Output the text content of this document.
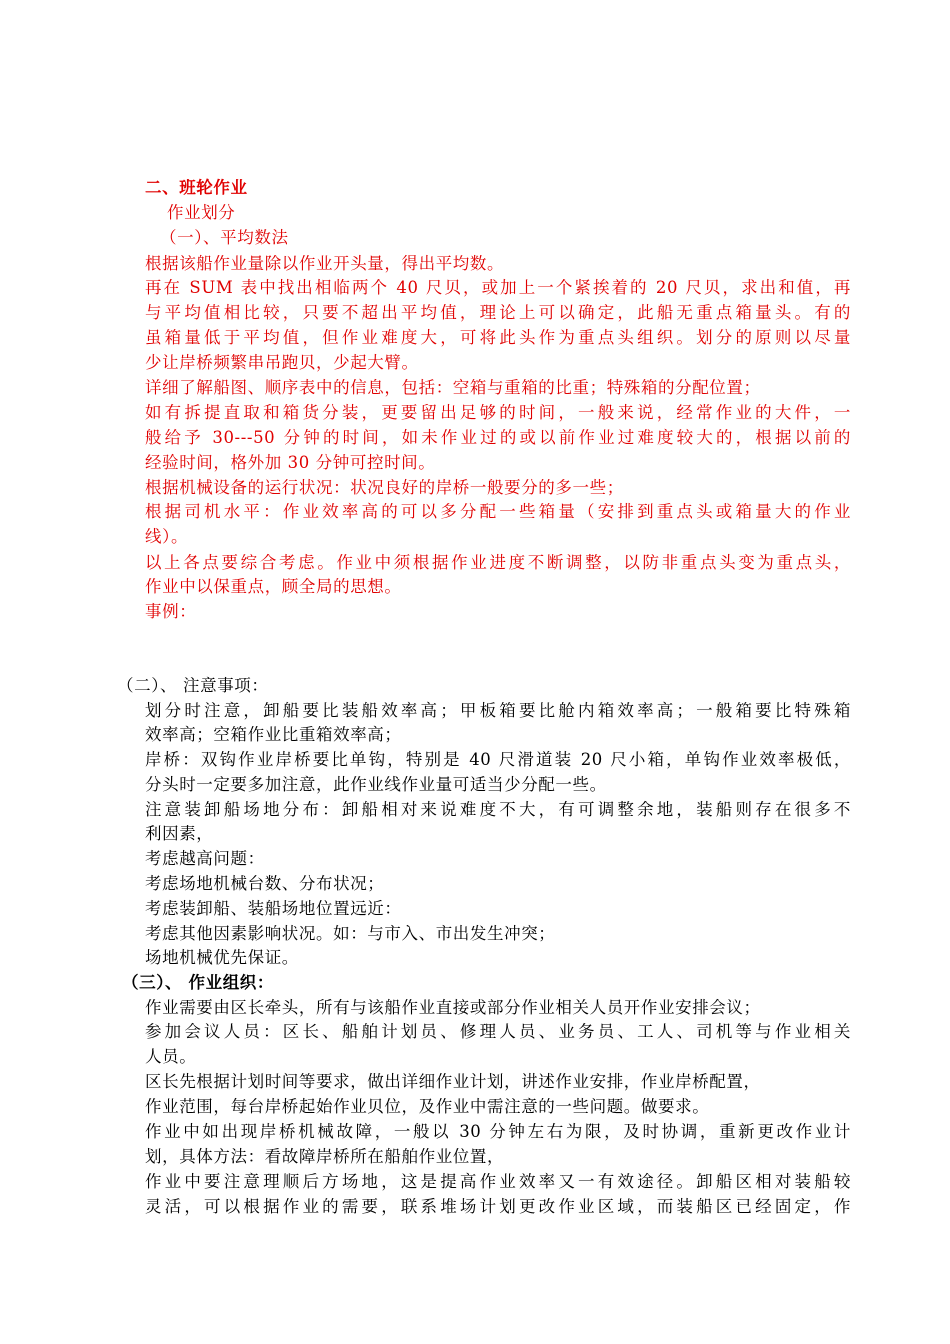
二、班轮作业
作业划分
（一）、平均数法
根据该船作业量除以作业开头量，得出平均数。
再在 SUM 表中找出相临两个 40 尺贝，或加上一个紧挨着的 20 尺贝，求出和值，再
与平均值相比较，只要不超出平均值，理论上可以确定，此船无重点箱量头。有的
虽箱量低于平均值，但作业难度大，可将此头作为重点头组织。划分的原则以尽量
少让岸桥频繁串吊跑贝，少起大臂。
详细了解船图、顺序表中的信息，包括：空箱与重箱的比重；特殊箱的分配位置；
如有拆提直取和箱货分装，更要留出足够的时间，一般来说，经常作业的大件，一
般给予 30---50 分钟的时间，如未作业过的或以前作业过难度较大的，根据以前的
经验时间，格外加 30 分钟可控时间。
根据机械设备的运行状况：状况良好的岸桥一般要分的多一些；
根据司机水平：作业效率高的可以多分配一些箱量（安排到重点头或箱量大的作业
线）。
以上各点要综合考虑。作业中须根据作业进度不断调整，以防非重点头变为重点头，
作业中以保重点，顾全局的思想。
事例：
（二）、 注意事项：
划分时注意，卸船要比装船效率高；甲板箱要比舱内箱效率高；一般箱要比特殊箱
效率高；空箱作业比重箱效率高；
岸桥：双钩作业岸桥要比单钩，特别是 40 尺滑道装 20 尺小箱，单钩作业效率极低，
分头时一定要多加注意，此作业线作业量可适当少分配一些。
注意装卸船场地分布：卸船相对来说难度不大，有可调整余地，装船则存在很多不
利因素，
考虑越高问题：
考虑场地机械台数、分布状况；
考虑装卸船、装船场地位置远近：
考虑其他因素影响状况。如：与市入、市出发生冲突；
场地机械优先保证。
（三）、 作业组织：
作业需要由区长牵头，所有与该船作业直接或部分作业相关人员开作业安排会议；
参加会议人员：区长、船舶计划员、修理人员、业务员、工人、司机等与作业相关
人员。
区长先根据计划时间等要求，做出详细作业计划，讲述作业安排，作业岸桥配置，
作业范围，每台岸桥起始作业贝位，及作业中需注意的一些问题。做要求。
作业中如出现岸桥机械故障，一般以 30 分钟左右为限，及时协调，重新更改作业计
划，具体方法：看故障岸桥所在船舶作业位置，
作业中要注意理顺后方场地，这是提高作业效率又一有效途径。卸船区相对装船较
灵活，可以根据作业的需要，联系堆场计划更改作业区域，而装船区已经固定，作
